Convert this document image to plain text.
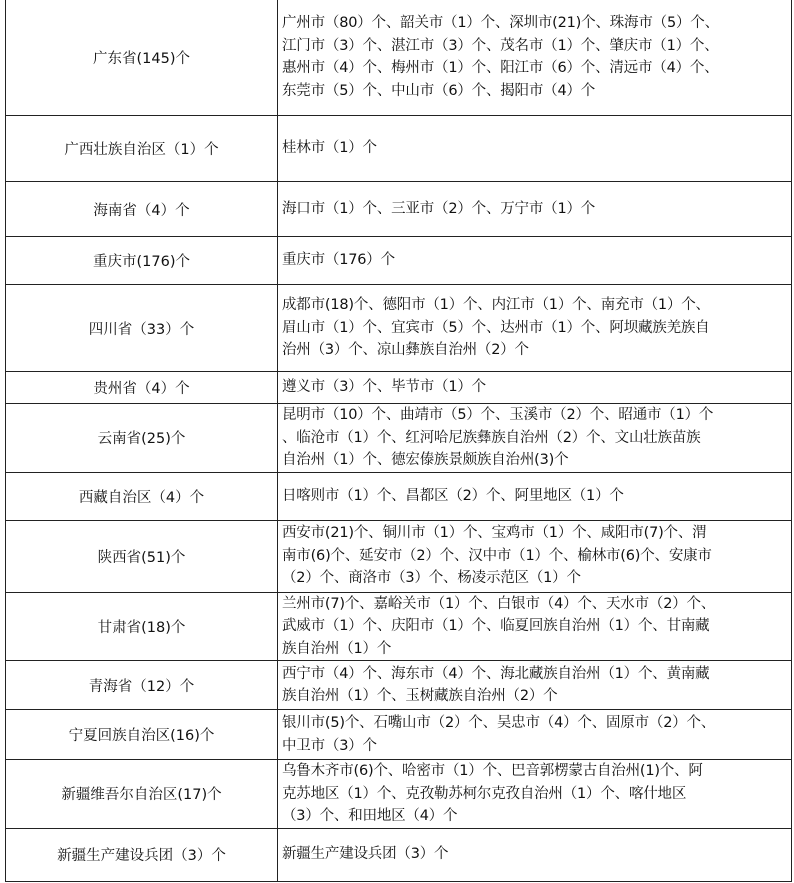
广东省(145)个	广州市（80）个、韶关市（1）个、深圳市(21)个、珠海市（5）个、
江门市（3）个、湛江市（3）个、茂名市（1）个、肇庆市（1）个、
惠州市（4）个、梅州市（1）个、阳江市（6）个、清远市（4）个、
东莞市（5）个、中山市（6）个、揭阳市（4）个
广西壮族自治区（1）个	桂林市（1）个
海南省（4）个	海口市（1）个、三亚市（2）个、万宁市（1）个
重庆市(176)个	重庆市（176）个
四川省（33）个	成都市(18)个、德阳市（1）个、内江市（1）个、南充市（1）个、
眉山市（1）个、宜宾市（5）个、达州市（1）个、阿坝藏族羌族自
治州（3）个、凉山彝族自治州（2）个
贵州省（4）个	遵义市（3）个、毕节市（1）个
云南省(25)个	昆明市（10）个、曲靖市（5）个、玉溪市（2）个、昭通市（1）个
、临沧市（1）个、红河哈尼族彝族自治州（2）个、文山壮族苗族
自治州（1）个、德宏傣族景颇族自治州(3)个
西藏自治区（4）个	日喀则市（1）个、昌都区（2）个、阿里地区（1）个
陕西省(51)个	西安市(21)个、铜川市（1）个、宝鸡市（1）个、咸阳市(7)个、渭
南市(6)个、延安市（2）个、汉中市（1）个、榆林市(6)个、安康市
（2）个、商洛市（3）个、杨凌示范区（1）个
甘肃省(18)个	兰州市(7)个、嘉峪关市（1）个、白银市（4）个、天水市（2）个、
武威市（1）个、庆阳市（1）个、临夏回族自治州（1）个、甘南藏
族自治州（1）个
青海省（12）个	西宁市（4）个、海东市（4）个、海北藏族自治州（1）个、黄南藏
族自治州（1）个、玉树藏族自治州（2）个
宁夏回族自治区(16)个	银川市(5)个、石嘴山市（2）个、吴忠市（4）个、固原市（2）个、
中卫市（3）个
新疆维吾尔自治区(17)个	乌鲁木齐市(6)个、哈密市（1）个、巴音郭楞蒙古自治州(1)个、阿
克苏地区（1）个、克孜勒苏柯尔克孜自治州（1）个、喀什地区
（3）个、和田地区（4）个
新疆生产建设兵团（3）个	新疆生产建设兵团（3）个
